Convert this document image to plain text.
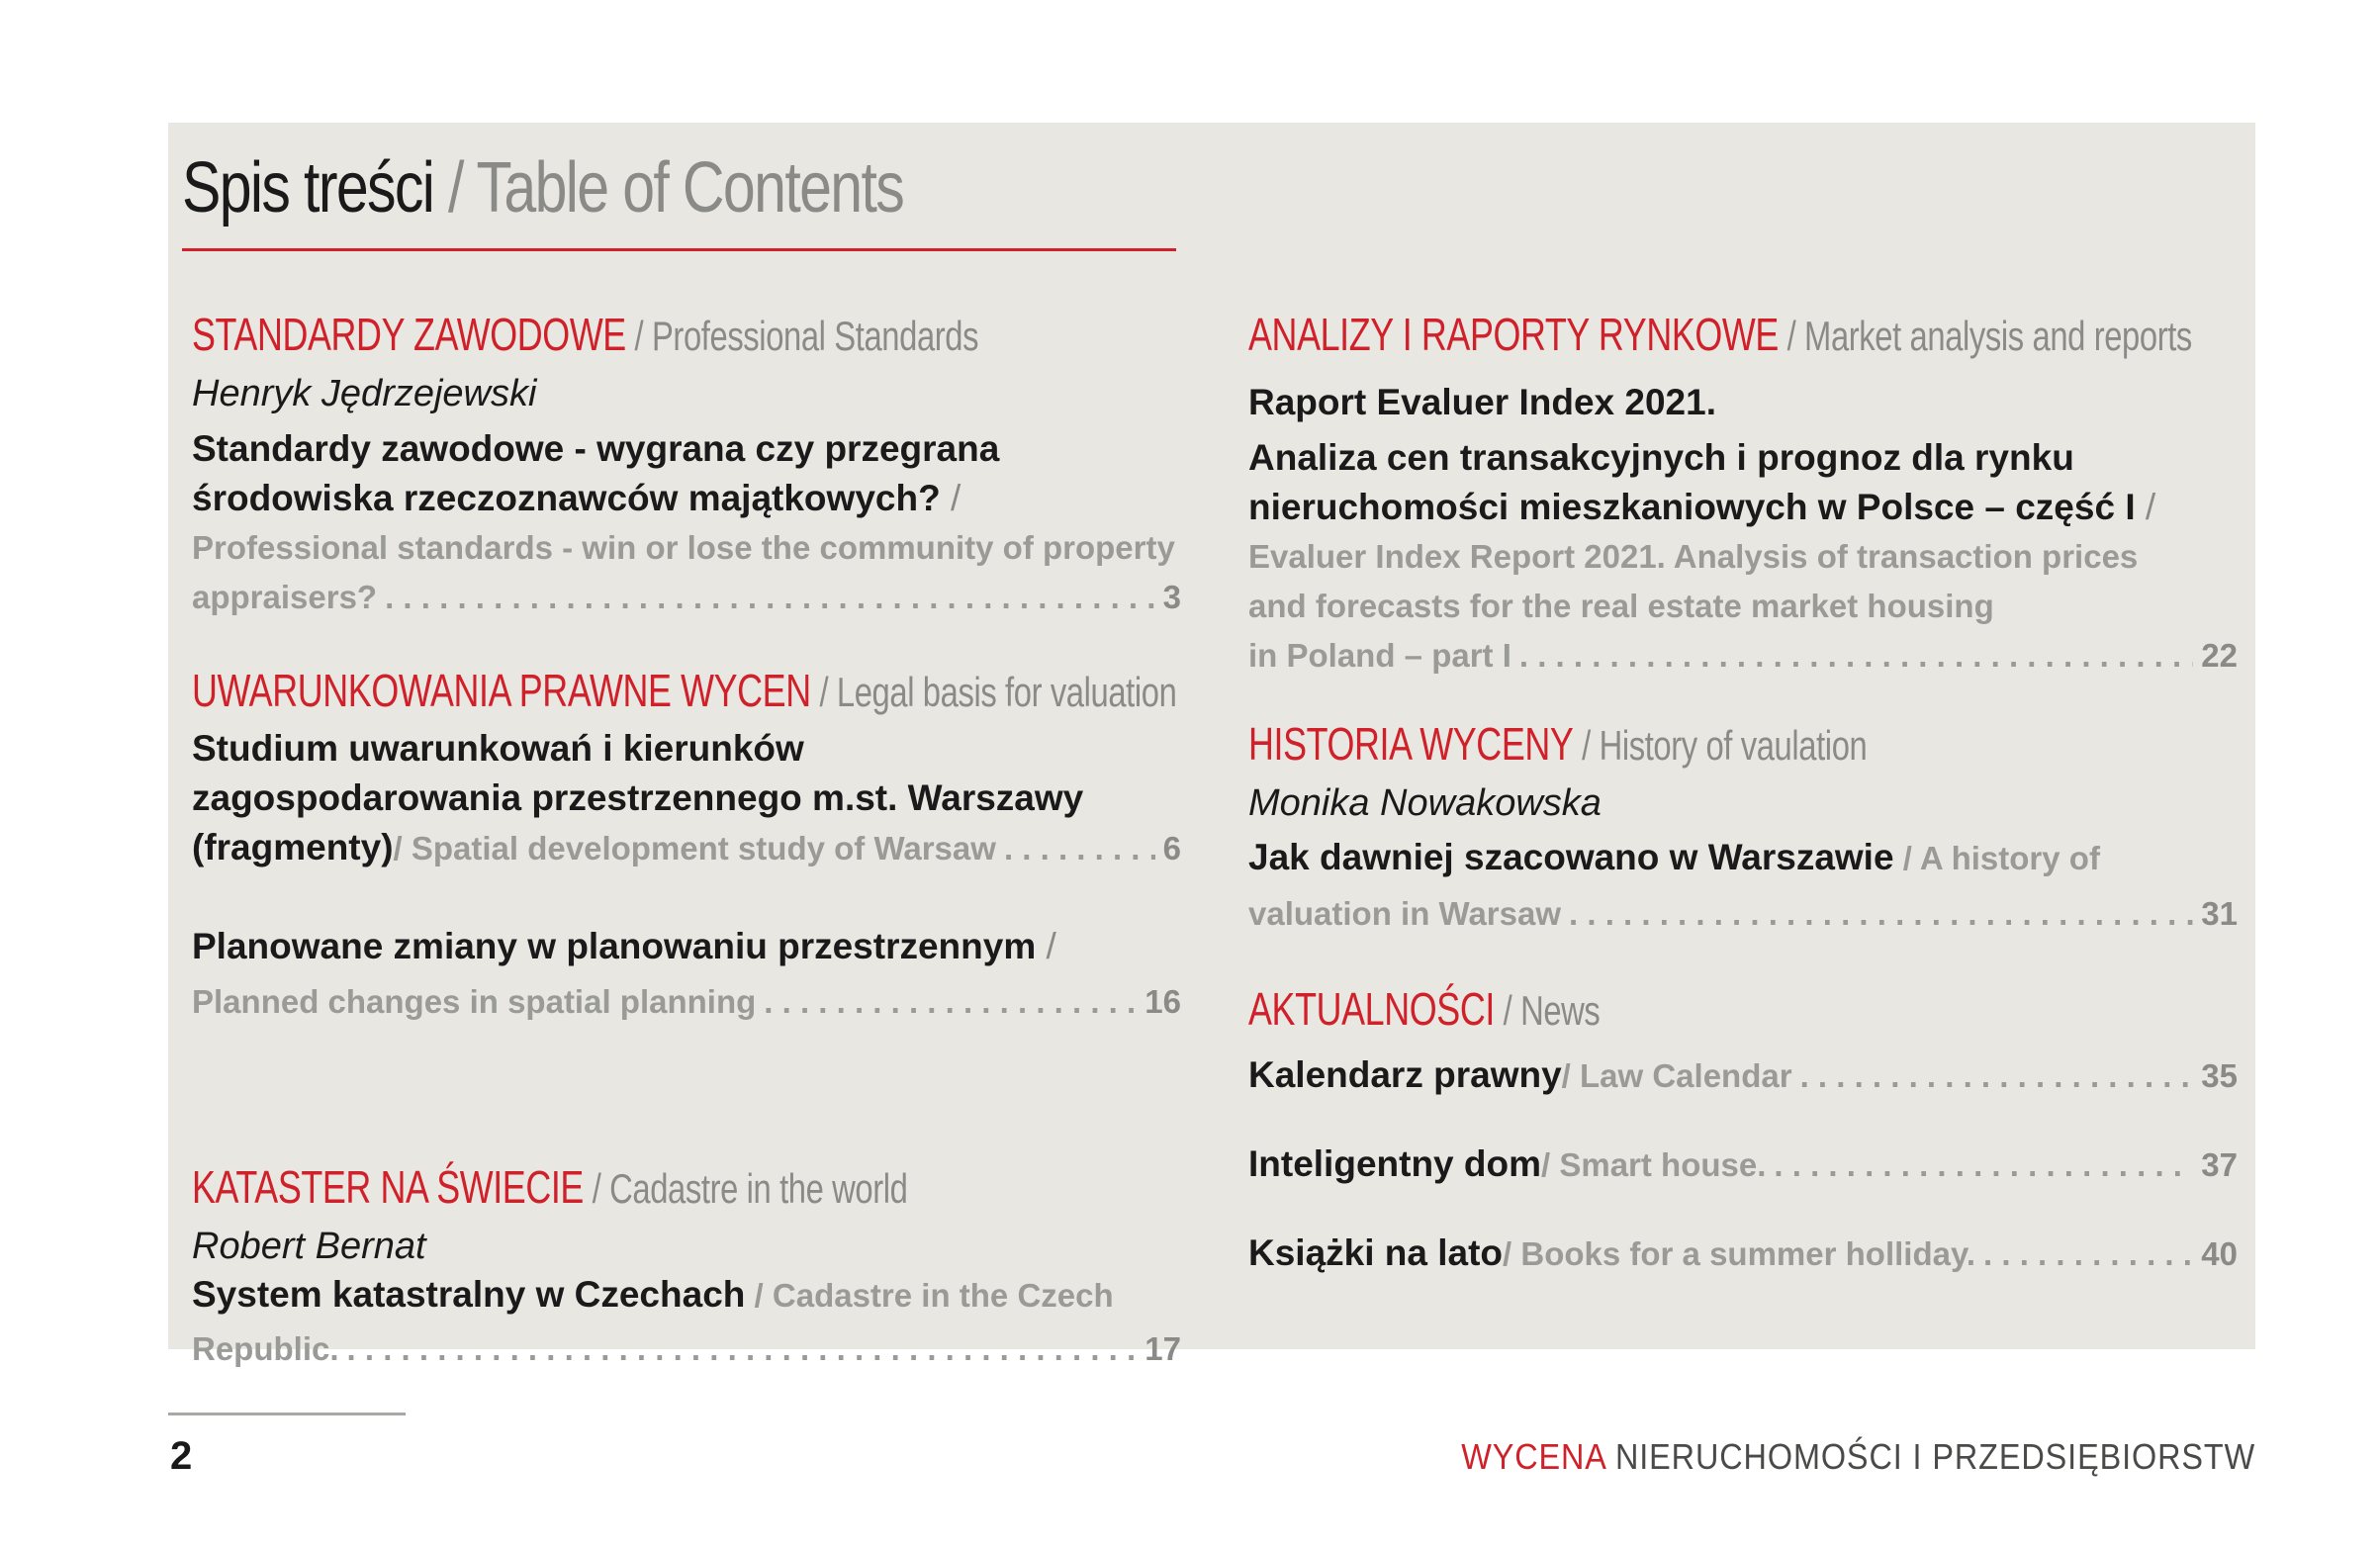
Spis treści / Table of Contents
STANDARDY ZAWODOWE / Professional Standards
Henryk Jędrzejewski
Standardy zawodowe - wygrana czy przegrana
środowiska rzeczoznawców majątkowych? /
Professional standards - win or lose the community of property
appraisers? . . .	3
UWARUNKOWANIA PRAWNE WYCEN / Legal basis for valuation
Studium uwarunkowań i kierunków
zagospodarowania przestrzennego m.st. Warszawy
(fragmenty) / Spatial development study of Warsaw . . .	6
Planowane zmiany w planowaniu przestrzennym /
Planned changes in spatial planning . . .	16
KATASTER NA ŚWIECIE / Cadastre in the world
Robert Bernat
System katastralny w Czechach / Cadastre in the Czech
Republic. . . .	17
ANALIZY I RAPORTY RYNKOWE / Market analysis and reports
Raport Evaluer Index 2021.
Analiza cen transakcyjnych i prognoz dla rynku
nieruchomości mieszkaniowych w Polsce – część I /
Evaluer Index Report 2021. Analysis of transaction prices
and forecasts for the real estate market housing
in Poland – part I . . .	22
HISTORIA WYCENY / History of vaulation
Monika Nowakowska
Jak dawniej szacowano w Warszawie / A history of
valuation in Warsaw . . .	31
AKTUALNOŚCI / News
Kalendarz prawny / Law Calendar . . .	35
Inteligentny dom / Smart house. . . .	37
Książki na lato / Books for a summer holliday. . . .	40
2	WYCENA NIERUCHOMOŚCI I PRZEDSIĘBIORSTW
